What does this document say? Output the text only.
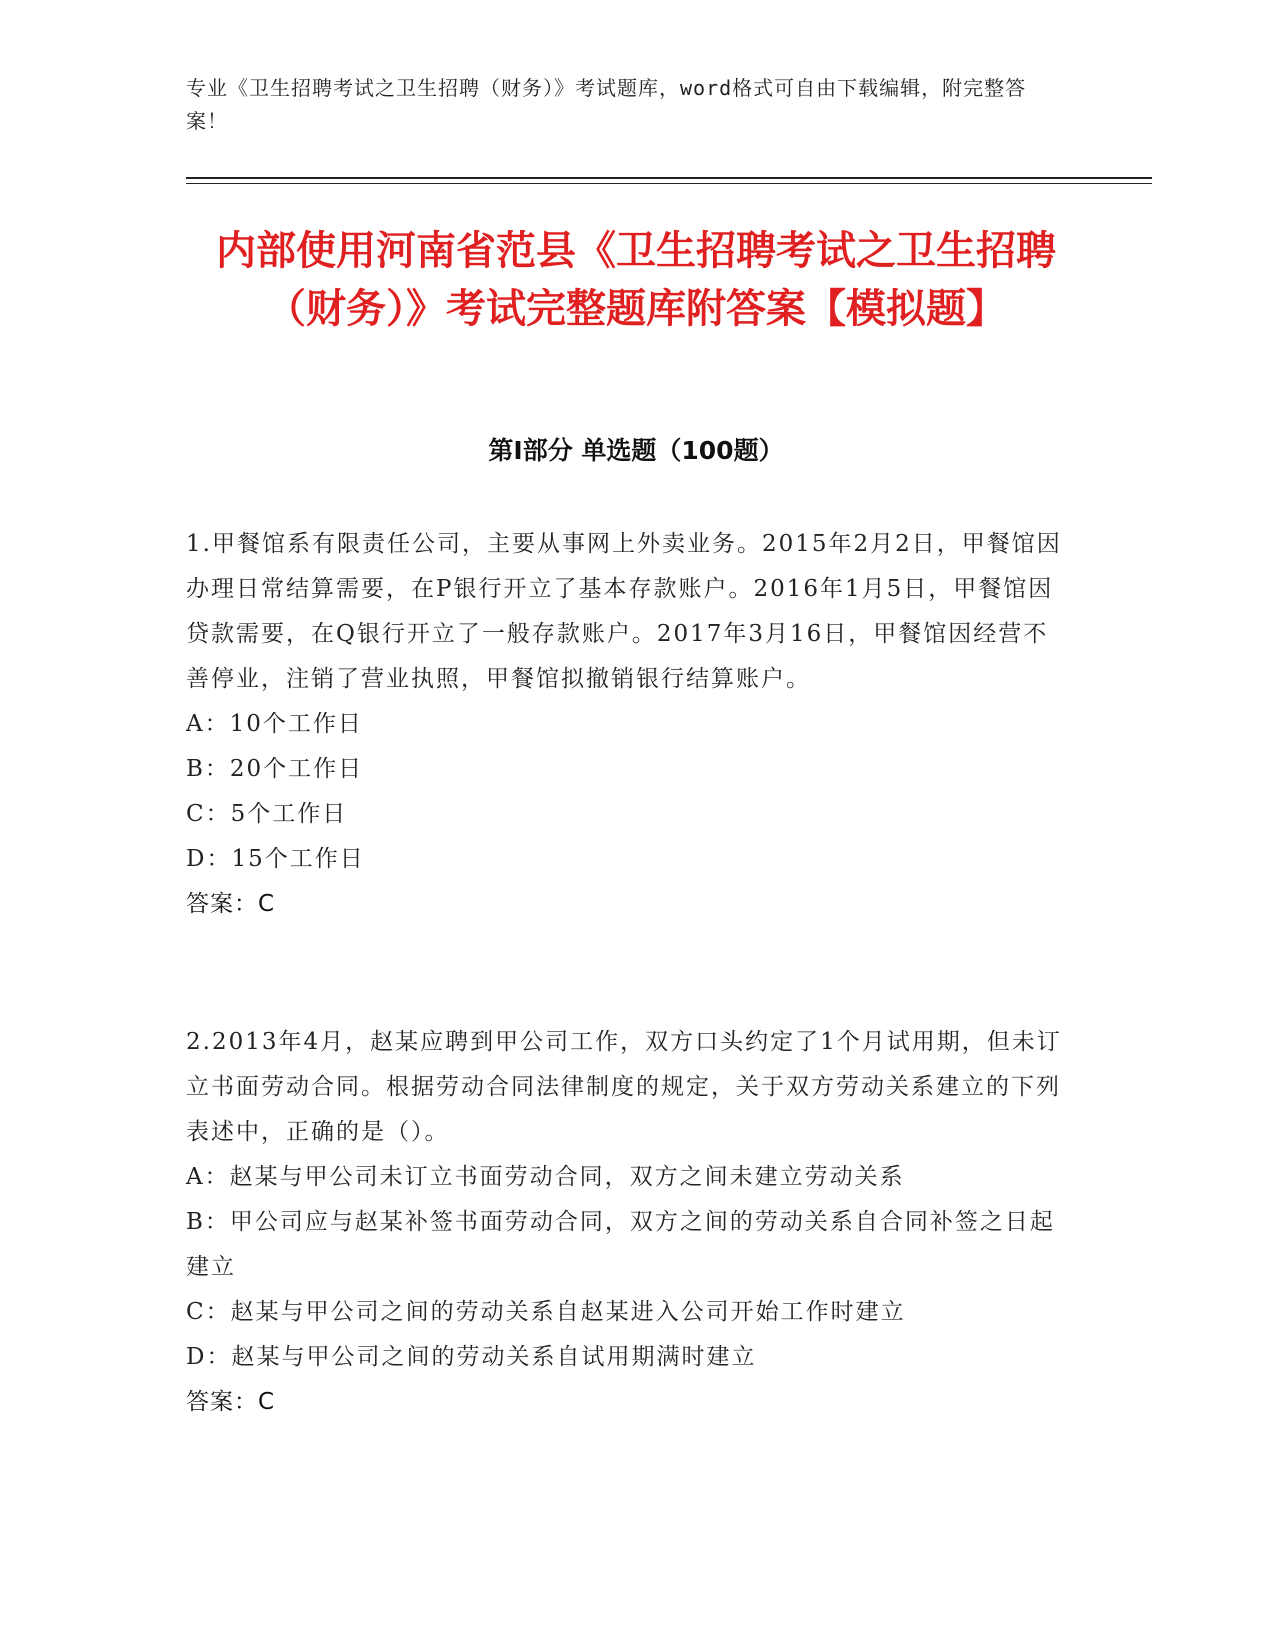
专业《卫生招聘考试之卫生招聘（财务）》考试题库，word格式可自由下载编辑，附完整答案！
内部使用河南省范县《卫生招聘考试之卫生招聘（财务）》考试完整题库附答案【模拟题】
第Ⅰ部分 单选题（100题）
1.甲餐馆系有限责任公司，主要从事网上外卖业务。2015年2月2日，甲餐馆因办理日常结算需要，在P银行开立了基本存款账户。2016年1月5日，甲餐馆因贷款需要，在Q银行开立了一般存款账户。2017年3月16日，甲餐馆因经营不善停业，注销了营业执照，甲餐馆拟撤销银行结算账户。
A：10个工作日
B：20个工作日
C：5个工作日
D：15个工作日
答案：C
2.2013年4月，赵某应聘到甲公司工作，双方口头约定了1个月试用期，但未订立书面劳动合同。根据劳动合同法律制度的规定，关于双方劳动关系建立的下列表述中，正确的是（）。
A：赵某与甲公司未订立书面劳动合同，双方之间未建立劳动关系
B：甲公司应与赵某补签书面劳动合同，双方之间的劳动关系自合同补签之日起建立
C：赵某与甲公司之间的劳动关系自赵某进入公司开始工作时建立
D：赵某与甲公司之间的劳动关系自试用期满时建立
答案：C
